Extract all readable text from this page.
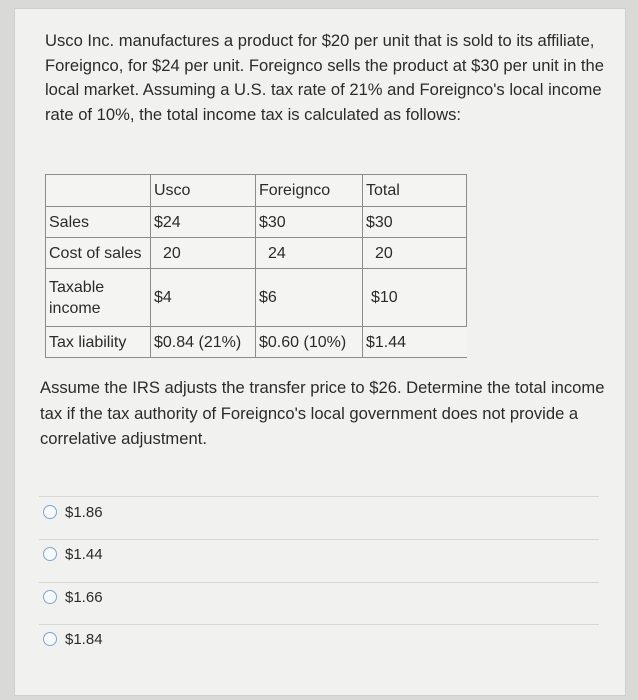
Usco Inc. manufactures a product for $20 per unit that is sold to its affiliate, Foreignco, for $24 per unit. Foreignco sells the product at $30 per unit in the local market. Assuming a U.S. tax rate of 21% and Foreignco's local income rate of 10%, the total income tax is calculated as follows:

	Usco	Foreignco	Total
Sales	$24	$30	$30
Cost of sales	20	24	20
Taxable
income	$4	$6	$10
Tax liability	$0.84 (21%)	$0.60 (10%)	$1.44

Assume the IRS adjusts the transfer price to $26. Determine the total income tax if the tax authority of Foreignco's local government does not provide a correlative adjustment.

$1.86
$1.44
$1.66
$1.84
